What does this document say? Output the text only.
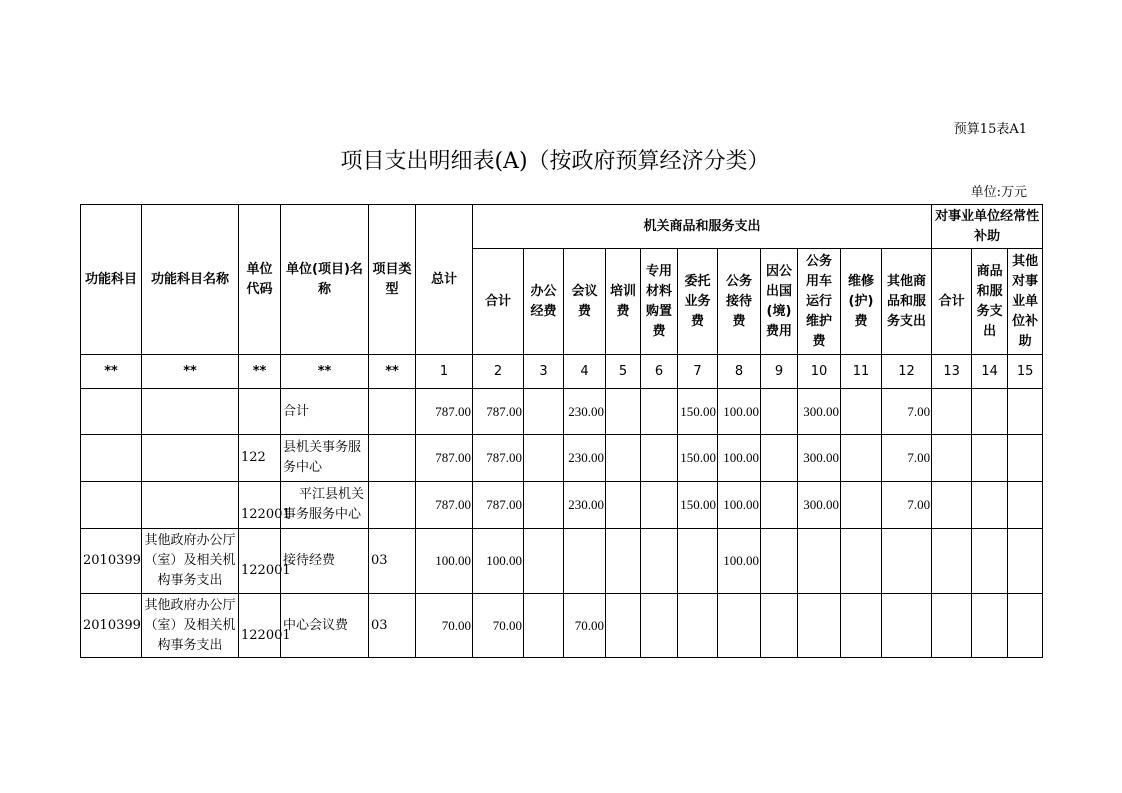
预算15表A1
项目支出明细表(A)（按政府预算经济分类）
单位:万元
功能科目	功能科目名称	单位代码	单位(项目)名称	项目类型	总计	机关商品和服务支出											对事业单位经常性补助		
						合计	办公经费	会议费	培训费	专用材料购置费	委托业务费	公务接待费	因公出国(境)费用	公务用车运行维护费	维修(护)费	其他商品和服务支出	合计	商品和服务支出	其他对事业单位补助
**	**	**	**	**	1	2	3	4	5	6	7	8	9	10	11	12	13	14	15
			合计		787.00	787.00		230.00			150.00	100.00		300.00		7.00			
		122	县机关事务服务中心		787.00	787.00		230.00			150.00	100.00		300.00		7.00			
		122001	平江县机关事务服务中心		787.00	787.00		230.00			150.00	100.00		300.00		7.00			
2010399	其他政府办公厅（室）及相关机构事务支出	122001	接待经费	03	100.00	100.00						100.00							
2010399	其他政府办公厅（室）及相关机构事务支出	122001	中心会议费	03	70.00	70.00		70.00											
